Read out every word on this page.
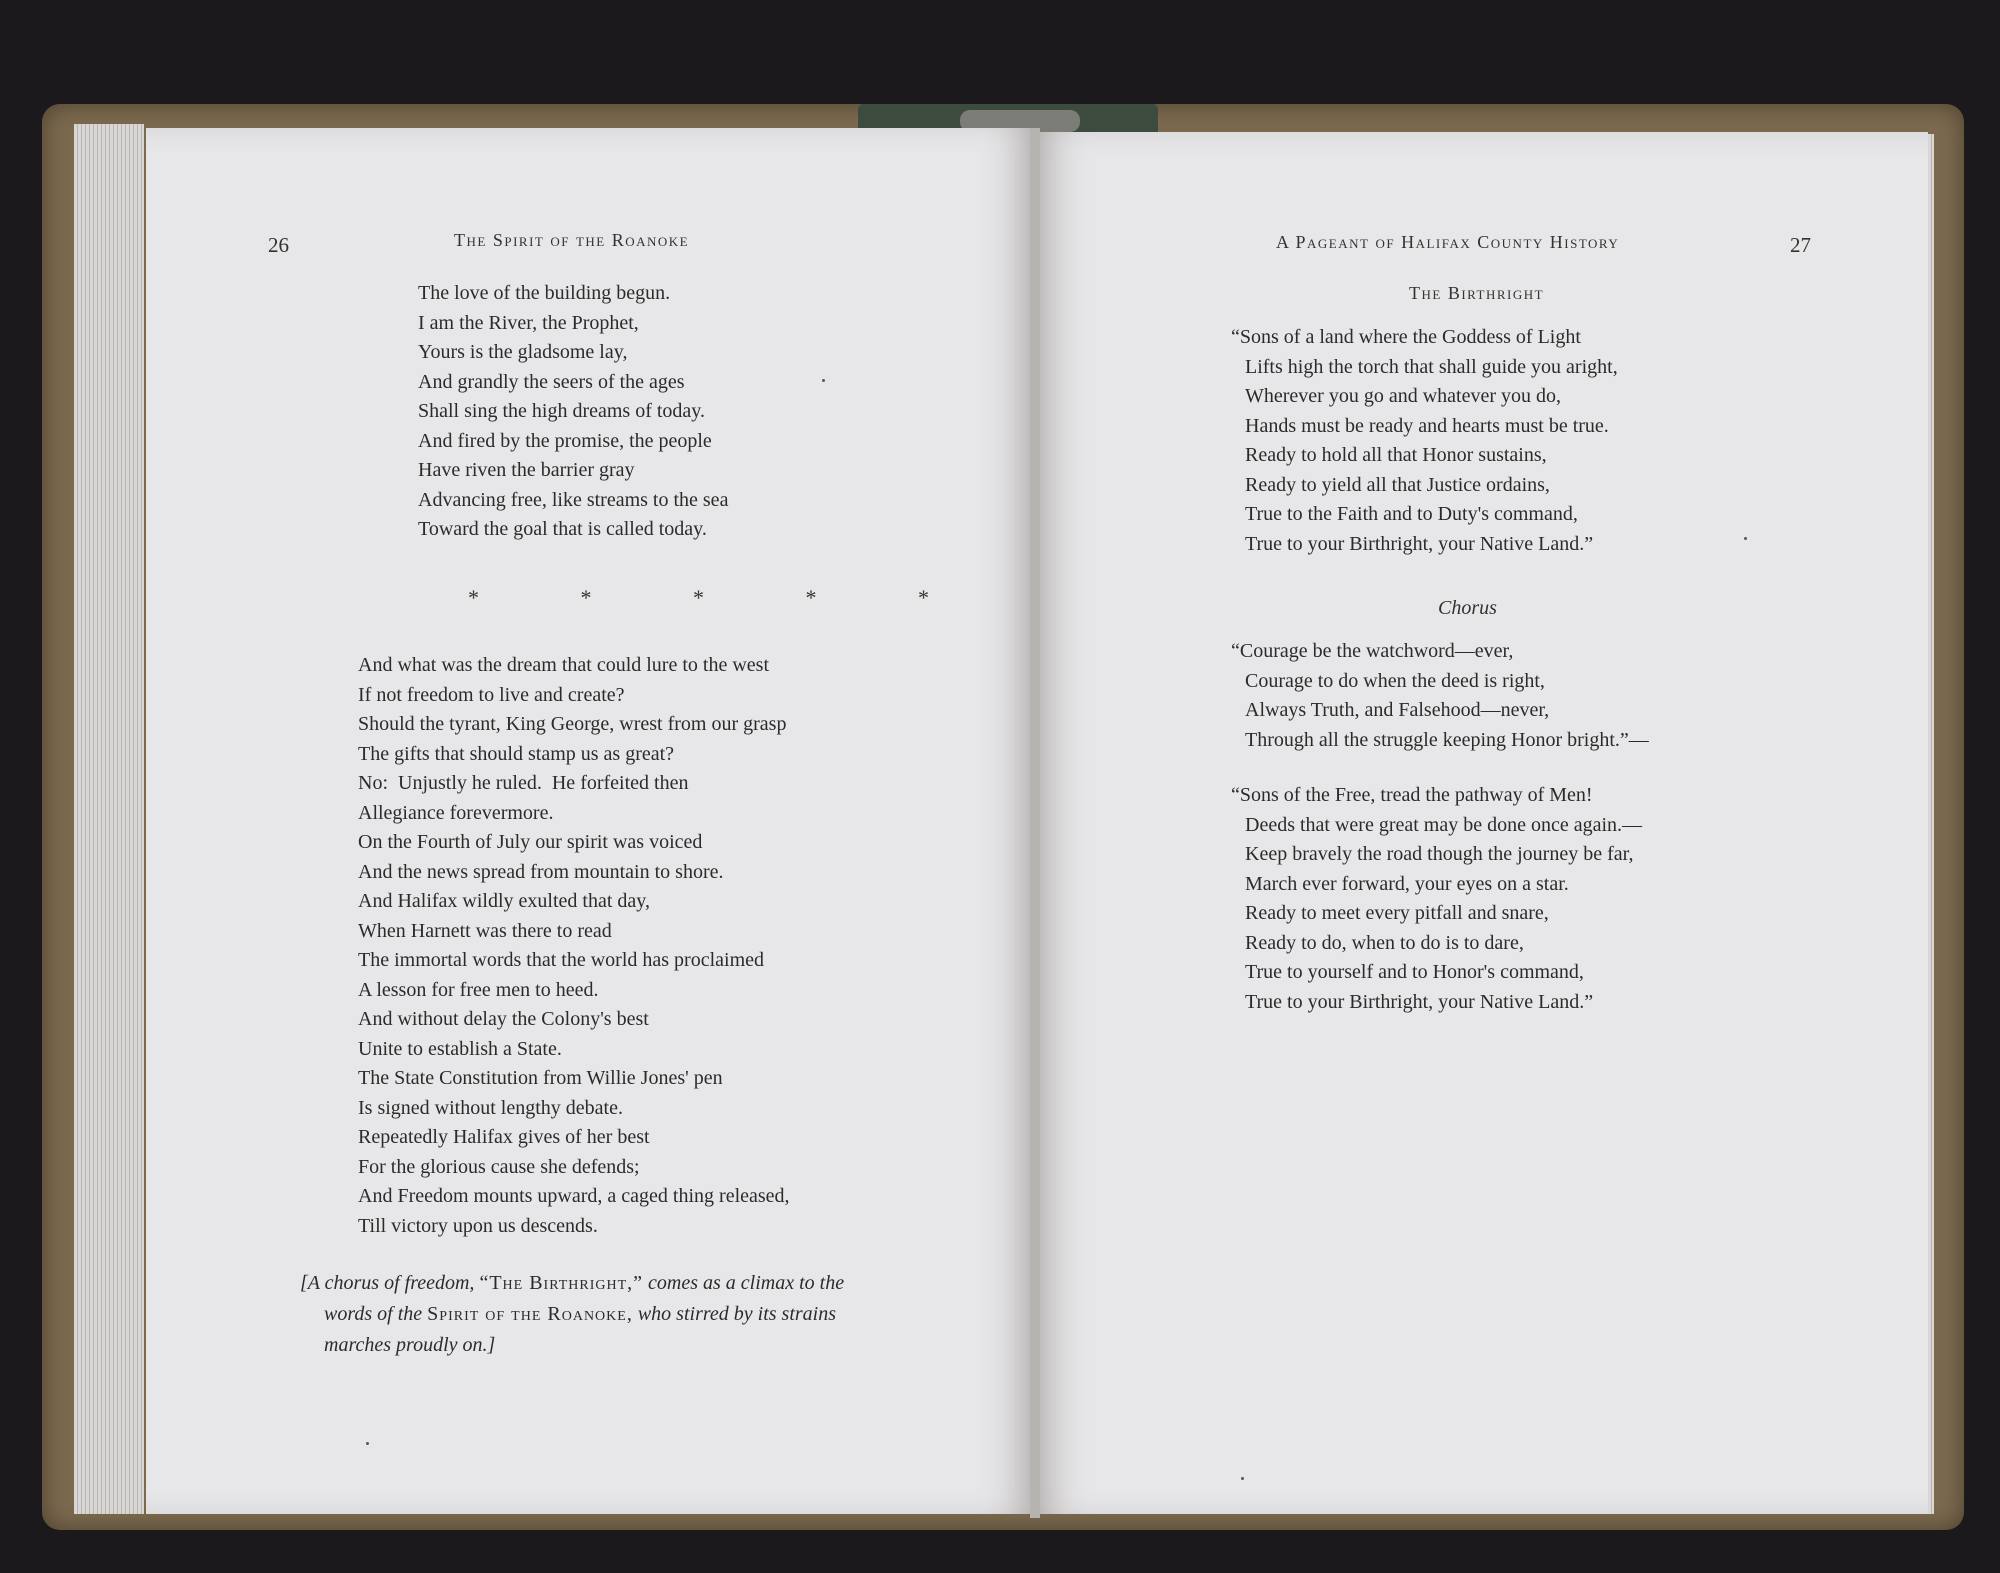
26	The Spirit of the Roanoke
The love of the building begun.
I am the River, the Prophet,
Yours is the gladsome lay,
And grandly the seers of the ages
Shall sing the high dreams of today.
And fired by the promise, the people
Have riven the barrier gray
Advancing free, like streams to the sea
Toward the goal that is called today.
* * * * *
And what was the dream that could lure to the west
If not freedom to live and create?
Should the tyrant, King George, wrest from our grasp
The gifts that should stamp us as great?
No:  Unjustly he ruled.  He forfeited then
Allegiance forevermore.
On the Fourth of July our spirit was voiced
And the news spread from mountain to shore.
And Halifax wildly exulted that day,
When Harnett was there to read
The immortal words that the world has proclaimed
A lesson for free men to heed.
And without delay the Colony's best
Unite to establish a State.
The State Constitution from Willie Jones' pen
Is signed without lengthy debate.
Repeatedly Halifax gives of her best
For the glorious cause she defends;
And Freedom mounts upward, a caged thing released,
Till victory upon us descends.
[A chorus of freedom, “The Birthright,” comes as a climax to the
words of the Spirit of the Roanoke, who stirred by its strains
marches proudly on.]
A Pageant of Halifax County History	27
The Birthright
“Sons of a land where the Goddess of Light
Lifts high the torch that shall guide you aright,
Wherever you go and whatever you do,
Hands must be ready and hearts must be true.
Ready to hold all that Honor sustains,
Ready to yield all that Justice ordains,
True to the Faith and to Duty's command,
True to your Birthright, your Native Land.”
Chorus
“Courage be the watchword—ever,
Courage to do when the deed is right,
Always Truth, and Falsehood—never,
Through all the struggle keeping Honor bright.”—
“Sons of the Free, tread the pathway of Men!
Deeds that were great may be done once again.—
Keep bravely the road though the journey be far,
March ever forward, your eyes on a star.
Ready to meet every pitfall and snare,
Ready to do, when to do is to dare,
True to yourself and to Honor's command,
True to your Birthright, your Native Land.”
